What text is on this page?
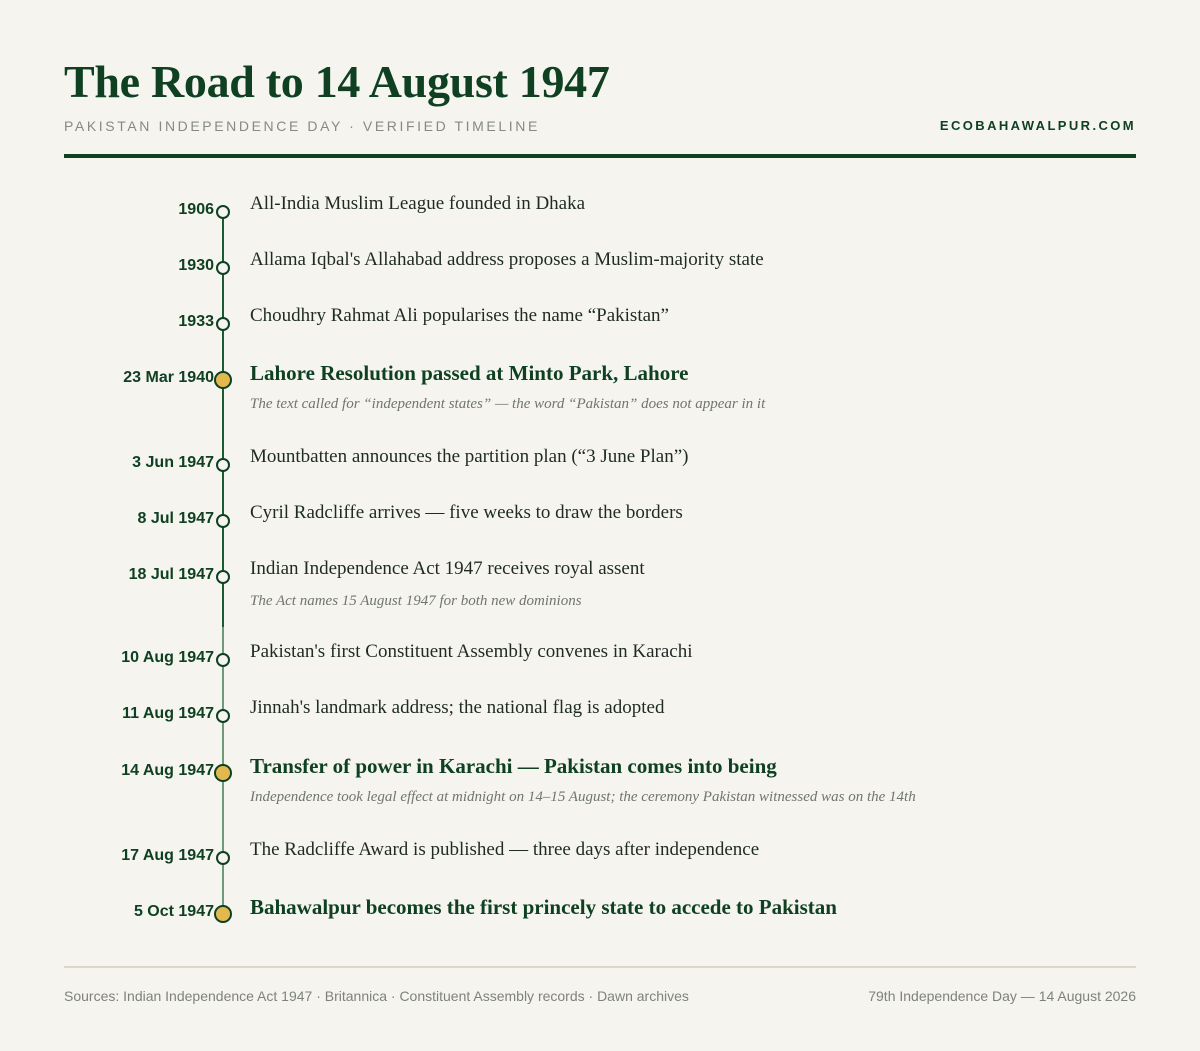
The Road to 14 August 1947
PAKISTAN INDEPENDENCE DAY · VERIFIED TIMELINE	ECOBAHAWALPUR.COM
1906 All-India Muslim League founded in Dhaka
1930 Allama Iqbal's Allahabad address proposes a Muslim-majority state
1933 Choudhry Rahmat Ali popularises the name “Pakistan”
23 Mar 1940 Lahore Resolution passed at Minto Park, Lahore
The text called for “independent states” — the word “Pakistan” does not appear in it
3 Jun 1947 Mountbatten announces the partition plan (“3 June Plan”)
8 Jul 1947 Cyril Radcliffe arrives — five weeks to draw the borders
18 Jul 1947 Indian Independence Act 1947 receives royal assent
The Act names 15 August 1947 for both new dominions
10 Aug 1947 Pakistan's first Constituent Assembly convenes in Karachi
11 Aug 1947 Jinnah's landmark address; the national flag is adopted
14 Aug 1947 Transfer of power in Karachi — Pakistan comes into being
Independence took legal effect at midnight on 14–15 August; the ceremony Pakistan witnessed was on the 14th
17 Aug 1947 The Radcliffe Award is published — three days after independence
5 Oct 1947 Bahawalpur becomes the first princely state to accede to Pakistan
Sources: Indian Independence Act 1947 · Britannica · Constituent Assembly records · Dawn archives	79th Independence Day — 14 August 2026
